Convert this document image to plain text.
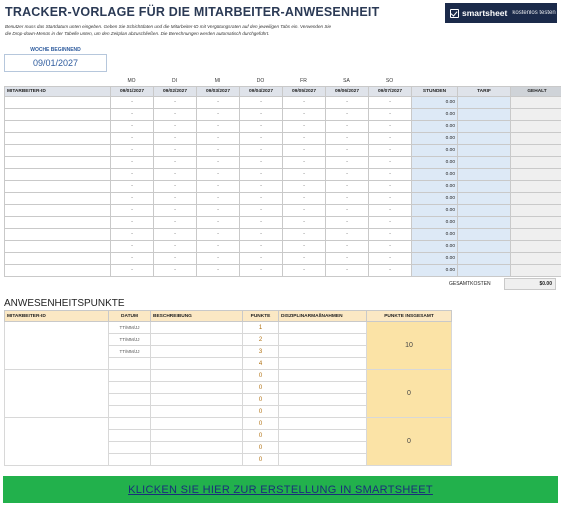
TRACKER-VORLAGE FÜR DIE MITARBEITER-ANWESENHEIT	smartsheet kostenlos testen
Benutzer muss das Startdatum unten eingeben. Geben Sie Schichtdaten und die Mitarbeiter-ID mit Vergütungsraten auf den jeweiligen Tabs ein. Verwenden Sie die Drop-down-Menüs in der Tabelle unten, um den Zeitplan abzuschließen. Die Berechnungen werden automatisch durchgeführt.
WOCHE BEGINNEND
09/01/2027
MO	DI	MI	DO	FR	SA	SO
MITARBEITER-ID	09/01/2027	09/02/2027	09/03/2027	09/04/2027	09/05/2027	09/06/2027	09/07/2027	STUNDEN	TARIF	GEHALT
	-	-	-	-	-	-	-	0.00		
	-	-	-	-	-	-	-	0.00		
	-	-	-	-	-	-	-	0.00		
	-	-	-	-	-	-	-	0.00		
	-	-	-	-	-	-	-	0.00		
	-	-	-	-	-	-	-	0.00		
	-	-	-	-	-	-	-	0.00		
	-	-	-	-	-	-	-	0.00		
	-	-	-	-	-	-	-	0.00		
	-	-	-	-	-	-	-	0.00		
	-	-	-	-	-	-	-	0.00		
	-	-	-	-	-	-	-	0.00		
	-	-	-	-	-	-	-	0.00		
	-	-	-	-	-	-	-	0.00		
	-	-	-	-	-	-	-	0.00		
GESAMTKOSTEN	$0.00
ANWESENHEITSPUNKTE
MITARBEITER-ID	DATUM	BESCHREIBUNG	PUNKTE	DISZIPLINARMAßNAHMEN	PUNKTE INSGESAMT
	TT/MM/JJ		1		10
	TT/MM/JJ		2		
	TT/MM/JJ		3		
			4		
			0		0
			0		
			0		
			0		
			0		0
			0		
			0		
			0		
KLICKEN SIE HIER ZUR ERSTELLUNG IN SMARTSHEET
